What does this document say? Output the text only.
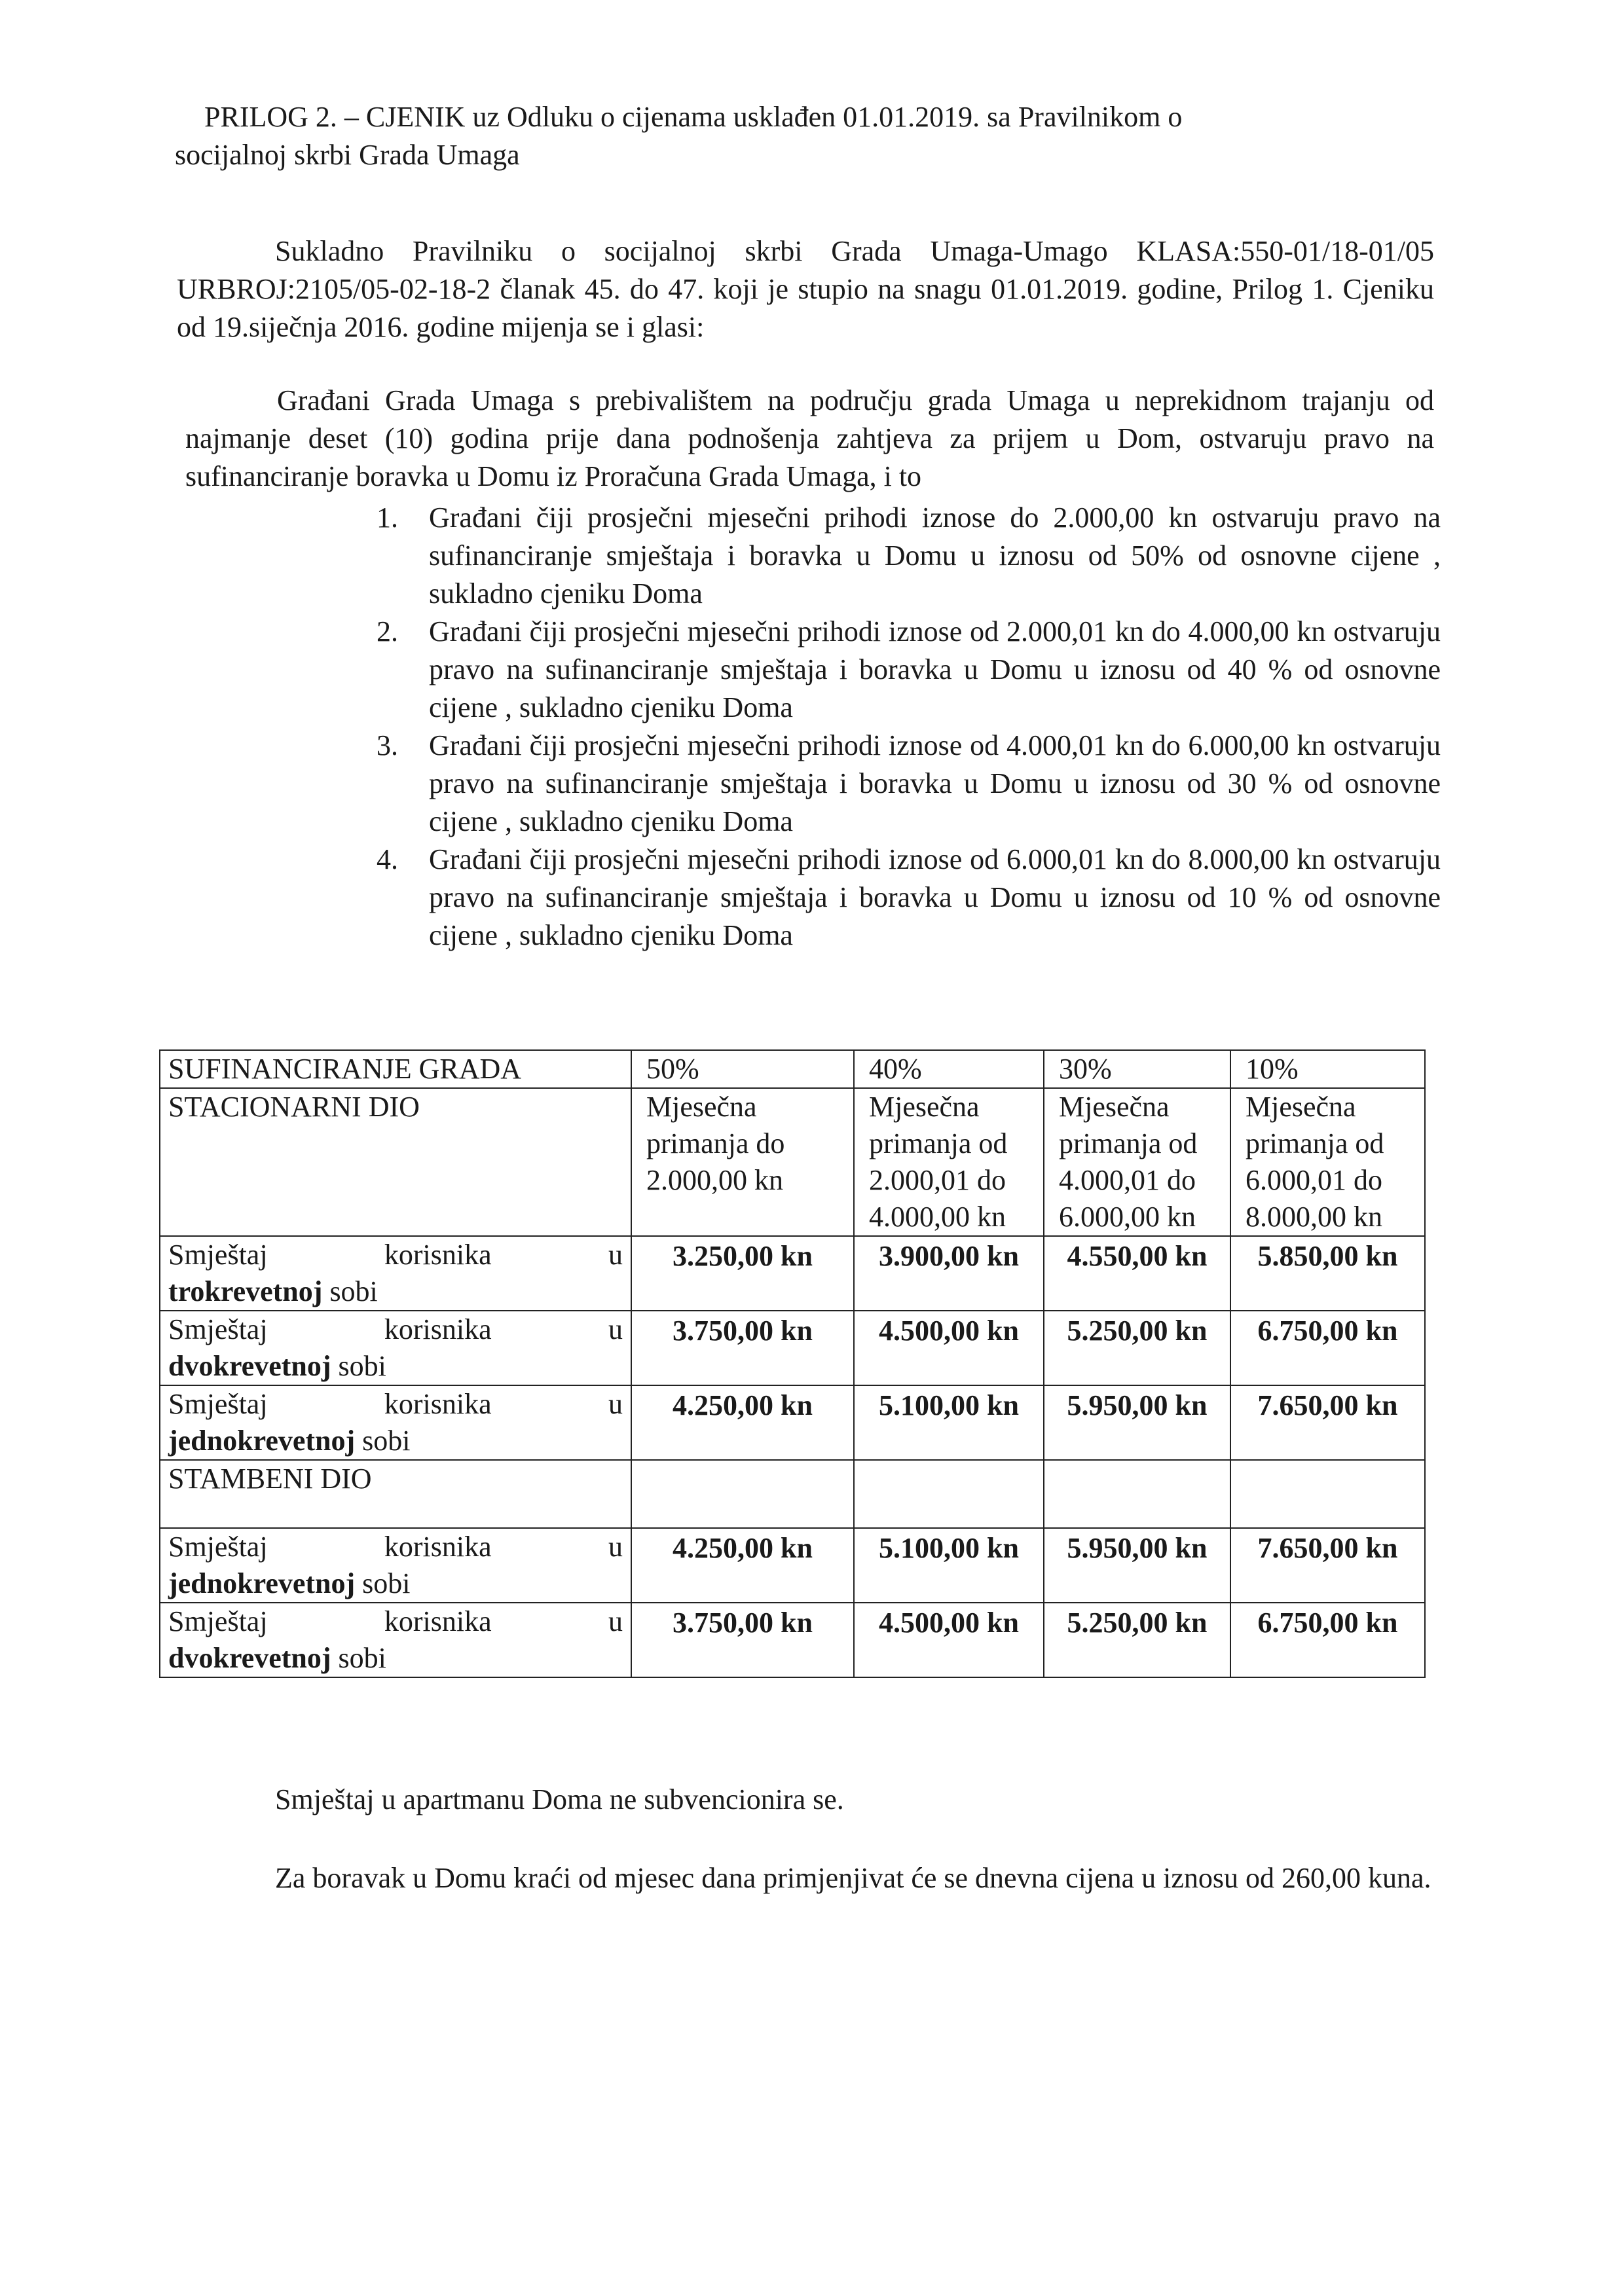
PRILOG 2. – CJENIK uz Odluku o cijenama usklađen 01.01.2019. sa Pravilnikom o
socijalnoj skrbi Grada Umaga
Sukladno Pravilniku o socijalnoj skrbi Grada Umaga-Umago KLASA:550-01/18-01/05 URBROJ:2105/05-02-18-2 članak 45. do 47. koji je stupio na snagu 01.01.2019. godine, Prilog 1. Cjeniku od 19.siječnja 2016. godine mijenja se i glasi:
Građani Grada Umaga s prebivalištem na području grada Umaga u neprekidnom trajanju od najmanje deset (10) godina prije dana podnošenja zahtjeva za prijem u Dom, ostvaruju pravo na sufinanciranje boravka u Domu iz Proračuna Grada Umaga, i to
1. Građani čiji prosječni mjesečni prihodi iznose do 2.000,00 kn ostvaruju pravo na sufinanciranje smještaja i boravka u Domu u iznosu od 50% od osnovne cijene , sukladno cjeniku Doma
2. Građani čiji prosječni mjesečni prihodi iznose od 2.000,01 kn do 4.000,00 kn ostvaruju pravo na sufinanciranje smještaja i boravka u Domu u iznosu od 40 % od osnovne cijene , sukladno cjeniku Doma
3. Građani čiji prosječni mjesečni prihodi iznose od 4.000,01 kn do 6.000,00 kn ostvaruju pravo na sufinanciranje smještaja i boravka u Domu u iznosu od 30 % od osnovne cijene , sukladno cjeniku Doma
4. Građani čiji prosječni mjesečni prihodi iznose od 6.000,01 kn do 8.000,00 kn ostvaruju pravo na sufinanciranje smještaja i boravka u Domu u iznosu od 10 % od osnovne cijene , sukladno cjeniku Doma
SUFINANCIRANJE GRADA	50%	40%	30%	10%
STACIONARNI DIO	Mjesečna primanja do 2.000,00 kn	Mjesečna primanja od 2.000,01 do 4.000,00 kn	Mjesečna primanja od 4.000,01 do 6.000,00 kn	Mjesečna primanja od 6.000,01 do 8.000,00 kn

Smještaj korisnika u
trokrevetnoj sobi	3.250,00 kn	3.900,00 kn	4.550,00 kn	5.850,00 kn

Smještaj korisnika u
dvokrevetnoj sobi	3.750,00 kn	4.500,00 kn	5.250,00 kn	6.750,00 kn

Smještaj korisnika u
jednokrevetnoj sobi	4.250,00 kn	5.100,00 kn	5.950,00 kn	7.650,00 kn
STAMBENI DIO				

Smještaj korisnika u
jednokrevetnoj sobi	4.250,00 kn	5.100,00 kn	5.950,00 kn	7.650,00 kn

Smještaj korisnika u
dvokrevetnoj sobi	3.750,00 kn	4.500,00 kn	5.250,00 kn	6.750,00 kn
Smještaj u apartmanu Doma ne subvencionira se.
Za boravak u Domu kraći od mjesec dana primjenjivat će se dnevna cijena u iznosu od 260,00 kuna.
